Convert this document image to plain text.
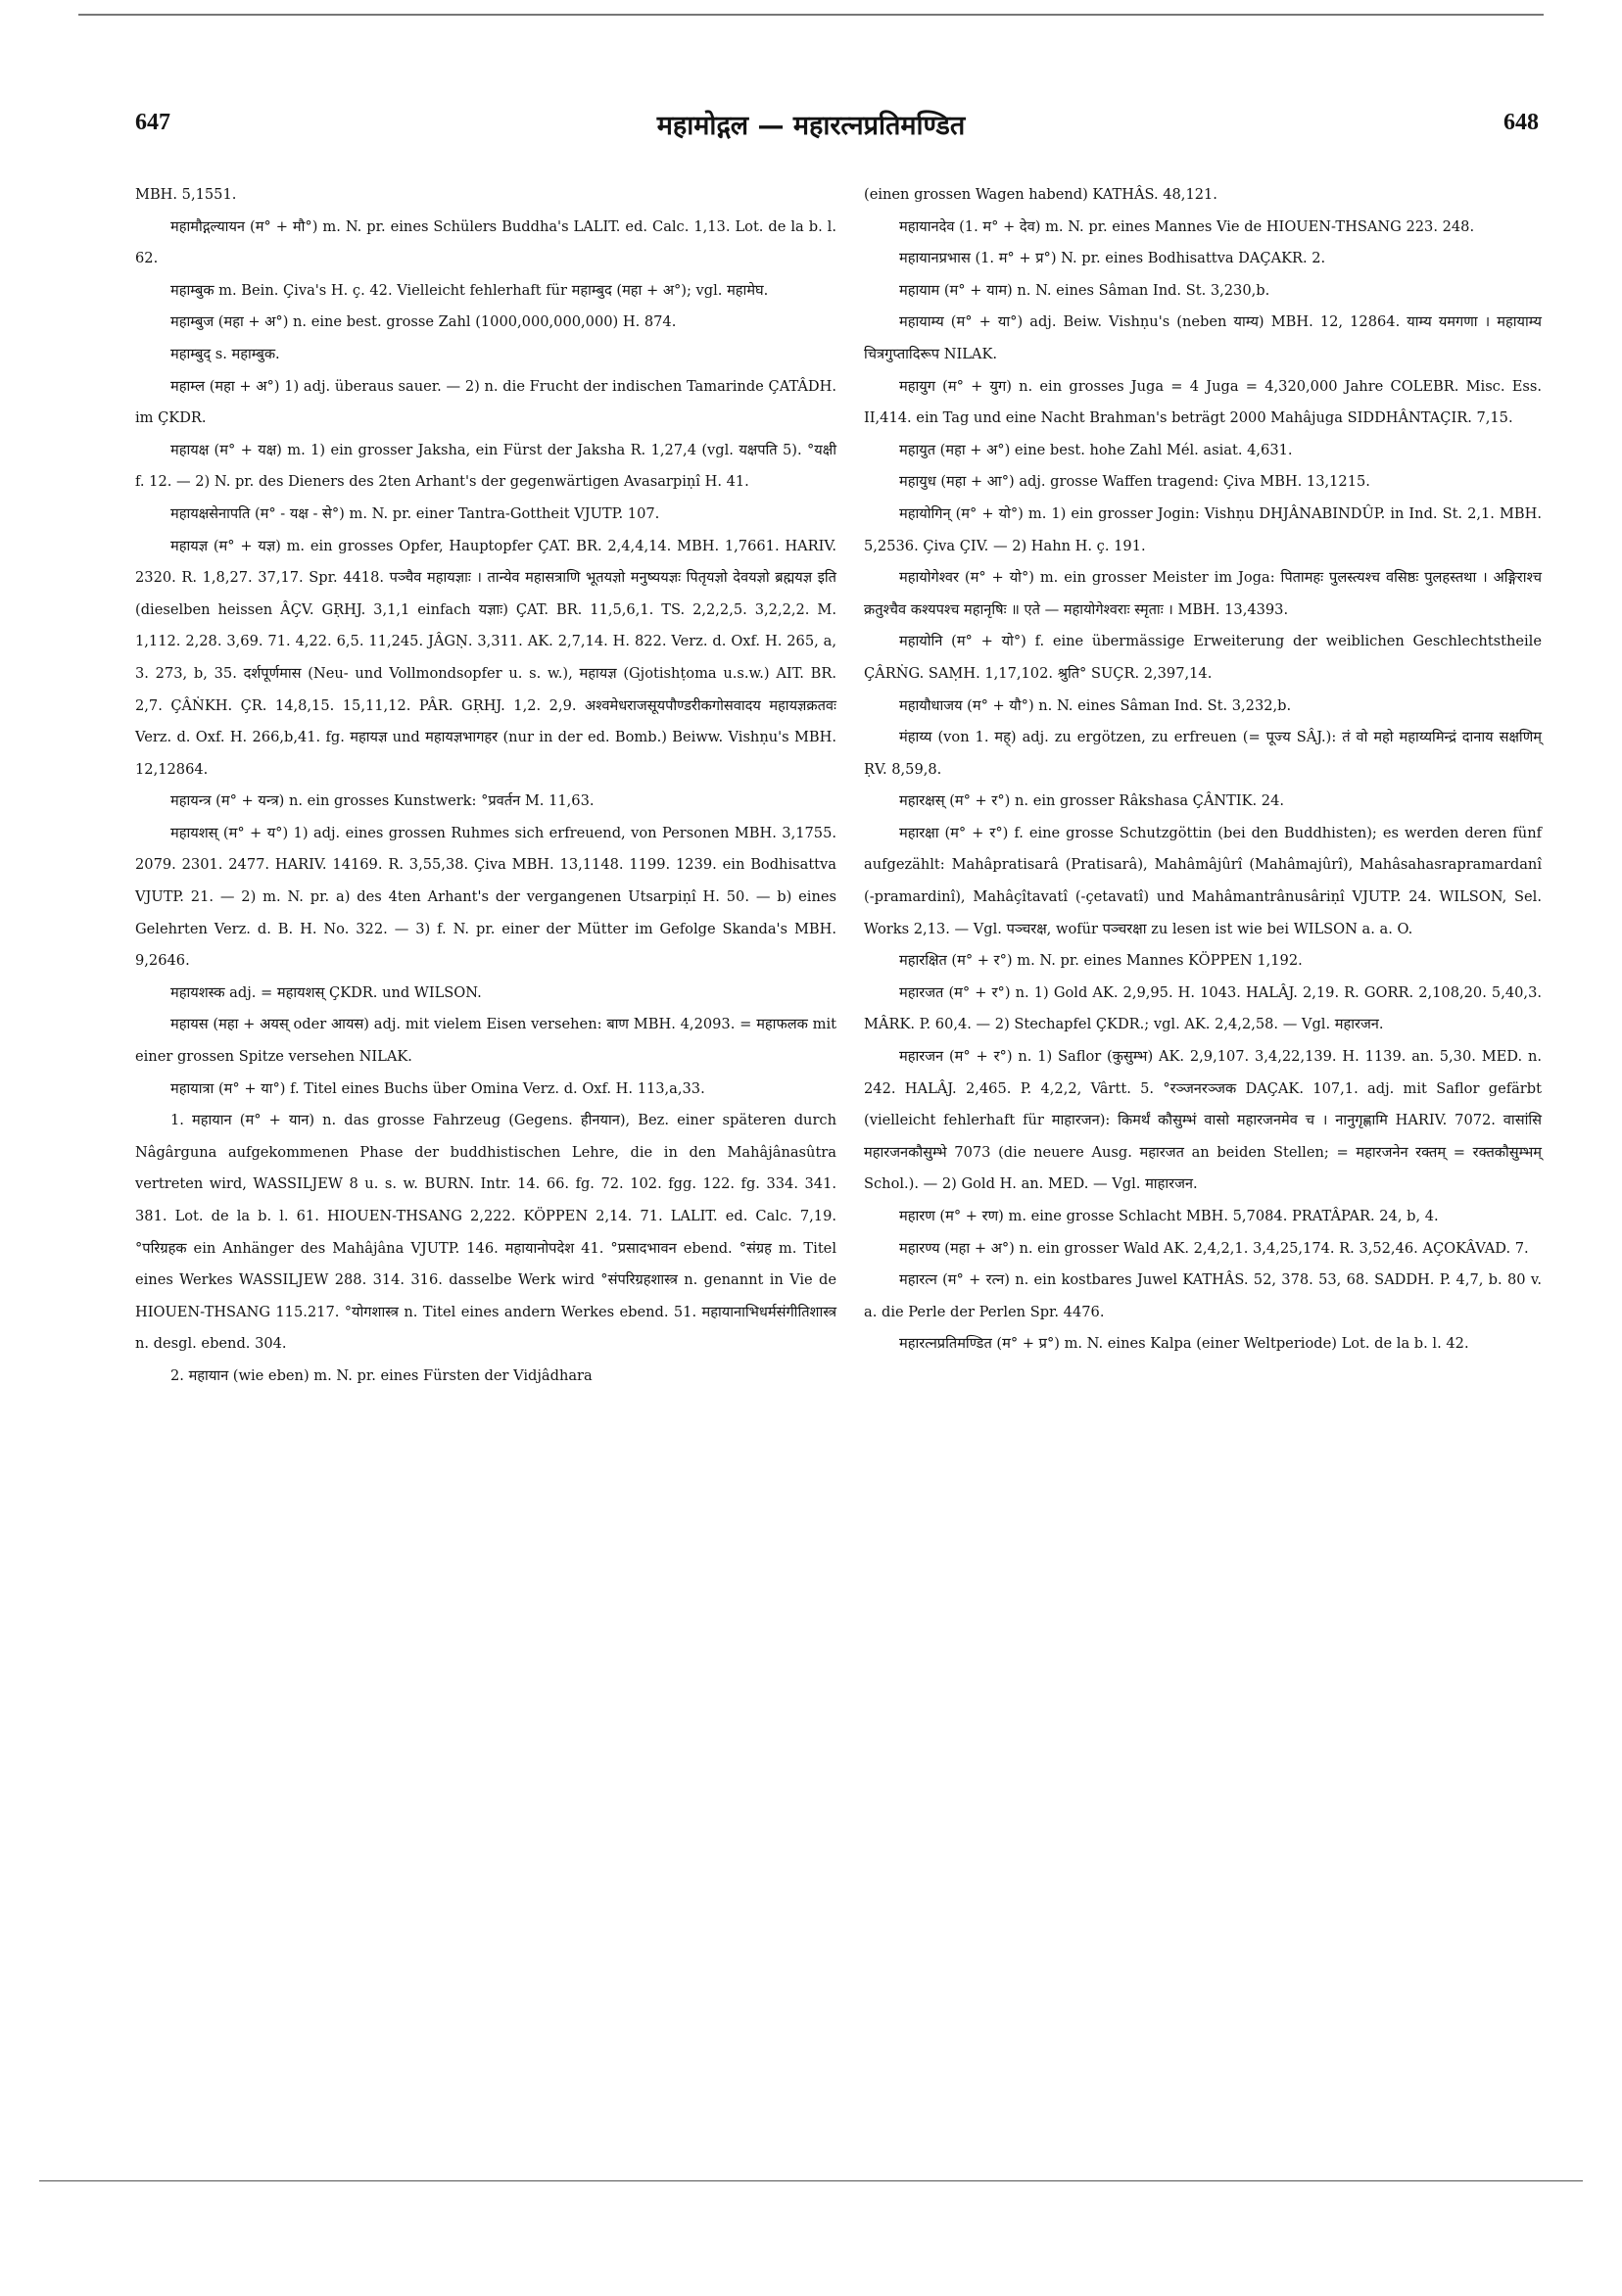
647	महामोद्गल — महारत्नप्रतिमण्डित	648

MBH. 5,1551.

महामौद्गल्यायन (म° + मौ°) m. N. pr. eines Schülers Buddha's LALIT. ed. Calc. 1,13. Lot. de la b. l. 62.

महाम्बुक m. Bein. Çiva's H. ç. 42. Vielleicht fehlerhaft für महाम्बुद (महा + अ°); vgl. महामेघ.

महाम्बुज (महा + अ°) n. eine best. grosse Zahl (1000,000,000,000) H. 874.

महाम्बुद् s. महाम्बुक.

महाम्ल (महा + अ°) 1) adj. überaus sauer. — 2) n. die Frucht der indischen Tamarinde ÇATÂDH. im ÇKDR.

महायक्ष (म° + यक्ष) m. 1) ein grosser Jaksha, ein Fürst der Jaksha R. 1,27,4 (vgl. यक्षपति 5). °यक्षी f. 12. — 2) N. pr. des Dieners des 2ten Arhant's der gegenwärtigen Avasarpiṇî H. 41.

महायक्षसेनापति (म° - यक्ष - से°) m. N. pr. einer Tantra-Gottheit VJUTP. 107.

महायज्ञ (म° + यज्ञ) m. ein grosses Opfer, Hauptopfer ÇAT. BR. 2,4,4,14. MBH. 1,7661. HARIV. 2320. R. 1,8,27. 37,17. Spr. 4418. पञ्चैव महायज्ञाः । तान्येव महासत्राणि भूतयज्ञो मनुष्ययज्ञः पितृयज्ञो देवयज्ञो ब्रह्मयज्ञ इति (dieselben heissen ÂÇV. GṚHJ. 3,1,1 einfach यज्ञाः) ÇAT. BR. 11,5,6,1. TS. 2,2,2,5. 3,2,2,2. M. 1,112. 2,28. 3,69. 71. 4,22. 6,5. 11,245. JÂGṆ. 3,311. AK. 2,7,14. H. 822. Verz. d. Oxf. H. 265, a, 3. 273, b, 35. दर्शपूर्णमास (Neu- und Vollmondsopfer u. s. w.), महायज्ञ (Gjotishṭoma u.s.w.) AIT. BR. 2,7. ÇÂṄKH. ÇR. 14,8,15. 15,11,12. PÂR. GṚHJ. 1,2. 2,9. अश्वमेधराजसूयपौण्डरीकगोसवादय महायज्ञक्रतवः Verz. d. Oxf. H. 266,b,41. fg. महायज्ञ und महायज्ञभागहर (nur in der ed. Bomb.) Beiww. Vishṇu's MBH. 12,12864.

महायन्त्र (म° + यन्त्र) n. ein grosses Kunstwerk: °प्रवर्तन M. 11,63.

महायशस् (म° + य°) 1) adj. eines grossen Ruhmes sich erfreuend, von Personen MBH. 3,1755. 2079. 2301. 2477. HARIV. 14169. R. 3,55,38. Çiva MBH. 13,1148. 1199. 1239. ein Bodhisattva VJUTP. 21. — 2) m. N. pr. a) des 4ten Arhant's der vergangenen Utsarpiṇî H. 50. — b) eines Gelehrten Verz. d. B. H. No. 322. — 3) f. N. pr. einer der Mütter im Gefolge Skanda's MBH. 9,2646.

महायशस्क adj. = महायशस् ÇKDR. und WILSON.

महायस (महा + अयस् oder आयस) adj. mit vielem Eisen versehen: बाण MBH. 4,2093. = महाफलक mit einer grossen Spitze versehen NILAK.

महायात्रा (म° + या°) f. Titel eines Buchs über Omina Verz. d. Oxf. H. 113,a,33.

1. महायान (म° + यान) n. das grosse Fahrzeug (Gegens. हीनयान), Bez. einer späteren durch Nâgârguna aufgekommenen Phase der buddhistischen Lehre, die in den Mahâjânasûtra vertreten wird, WASSILJEW 8 u. s. w. BURN. Intr. 14. 66. fg. 72. 102. fgg. 122. fg. 334. 341. 381. Lot. de la b. l. 61. HIOUEN-THSANG 2,222. KÖPPEN 2,14. 71. LALIT. ed. Calc. 7,19. °परिग्रहक ein Anhänger des Mahâjâna VJUTP. 146. महायानोपदेश 41. °प्रसादभावन ebend. °संग्रह m. Titel eines Werkes WASSILJEW 288. 314. 316. dasselbe Werk wird °संपरिग्रहशास्त्र n. genannt in Vie de HIOUEN-THSANG 115.217. °योगशास्त्र n. Titel eines andern Werkes ebend. 51. महायानाभिधर्मसंगीतिशास्त्र n. desgl. ebend. 304.

2. महायान (wie eben) m. N. pr. eines Fürsten der Vidjâdhara

(einen grossen Wagen habend) KATHÂS. 48,121.

महायानदेव (1. म° + देव) m. N. pr. eines Mannes Vie de HIOUEN-THSANG 223. 248.

महायानप्रभास (1. म° + प्र°) N. pr. eines Bodhisattva DAÇAKR. 2.

महायाम (म° + याम) n. N. eines Sâman Ind. St. 3,230,b.

महायाम्य (म° + या°) adj. Beiw. Vishṇu's (neben याम्य) MBH. 12, 12864. याम्य यमगणा । महायाम्य चित्रगुप्तादिरूप NILAK.

महायुग (म° + युग) n. ein grosses Juga = 4 Juga = 4,320,000 Jahre COLEBR. Misc. Ess. II,414. ein Tag und eine Nacht Brahman's beträgt 2000 Mahâjuga SIDDHÂNTAÇIR. 7,15.

महायुत (महा + अ°) eine best. hohe Zahl Mél. asiat. 4,631.

महायुध (महा + आ°) adj. grosse Waffen tragend: Çiva MBH. 13,1215.

महायोगिन् (म° + यो°) m. 1) ein grosser Jogin: Vishṇu DHJÂNABINDÛP. in Ind. St. 2,1. MBH. 5,2536. Çiva ÇIV. — 2) Hahn H. ç. 191.

महायोगेश्वर (म° + यो°) m. ein grosser Meister im Joga: पितामहः पुलस्त्यश्च वसिष्ठः पुलहस्तथा । अङ्गिराश्च क्रतुश्चैव कश्यपश्च महानृषिः ॥ एते — महायोगेश्वराः स्मृताः । MBH. 13,4393.

महायोनि (म° + यो°) f. eine übermässige Erweiterung der weiblichen Geschlechtstheile ÇÂRṄG. SAṂH. 1,17,102. श्रुति° SUÇR. 2,397,14.

महायौधाजय (म° + यौ°) n. N. eines Sâman Ind. St. 3,232,b.

मंहाय्य (von 1. मह्) adj. zu ergötzen, zu erfreuen (= पूज्य SÂJ.): तं वो महो महाय्यमिन्द्रं दानाय सक्षणिम् ṚV. 8,59,8.

महारक्षस् (म° + र°) n. ein grosser Râkshasa ÇÂNTIK. 24.

महारक्षा (म° + र°) f. eine grosse Schutzgöttin (bei den Buddhisten); es werden deren fünf aufgezählt: Mahâpratisarâ (Pratisarâ), Mahâmâjûrî (Mahâmajûrî), Mahâsahasrapramardanî (-pramardinî), Mahâçîtavatî (-çetavatî) und Mahâmantrânusâriṇî VJUTP. 24. WILSON, Sel. Works 2,13. — Vgl. पञ्चरक्ष, wofür पञ्चरक्षा zu lesen ist wie bei WILSON a. a. O.

महारक्षित (म° + र°) m. N. pr. eines Mannes KÖPPEN 1,192.

महारजत (म° + र°) n. 1) Gold AK. 2,9,95. H. 1043. HALÂJ. 2,19. R. GORR. 2,108,20. 5,40,3. MÂRK. P. 60,4. — 2) Stechapfel ÇKDR.; vgl. AK. 2,4,2,58. — Vgl. महारजन.

महारजन (म° + र°) n. 1) Saflor (कुसुम्भ) AK. 2,9,107. 3,4,22,139. H. 1139. an. 5,30. MED. n. 242. HALÂJ. 2,465. P. 4,2,2, Vârtt. 5. °रञ्जनरञ्जक DAÇAK. 107,1. adj. mit Saflor gefärbt (vielleicht fehlerhaft für माहारजन): किमर्थं कौसुम्भं वासो महारजनमेव च । नानुगृह्णामि HARIV. 7072. वासांसि महारजनकौसुम्भे 7073 (die neuere Ausg. महारजत an beiden Stellen; = महारजनेन रक्तम् = रक्तकौसुम्भम् Schol.). — 2) Gold H. an. MED. — Vgl. माहारजन.

महारण (म° + रण) m. eine grosse Schlacht MBH. 5,7084. PRATÂPAR. 24, b, 4.

महारण्य (महा + अ°) n. ein grosser Wald AK. 2,4,2,1. 3,4,25,174. R. 3,52,46. AÇOKÂVAD. 7.

महारत्न (म° + रत्न) n. ein kostbares Juwel KATHÂS. 52, 378. 53, 68. SADDH. P. 4,7, b. 80 v. a. die Perle der Perlen Spr. 4476.

महारत्नप्रतिमण्डित (म° + प्र°) m. N. eines Kalpa (einer Weltperiode) Lot. de la b. l. 42.
